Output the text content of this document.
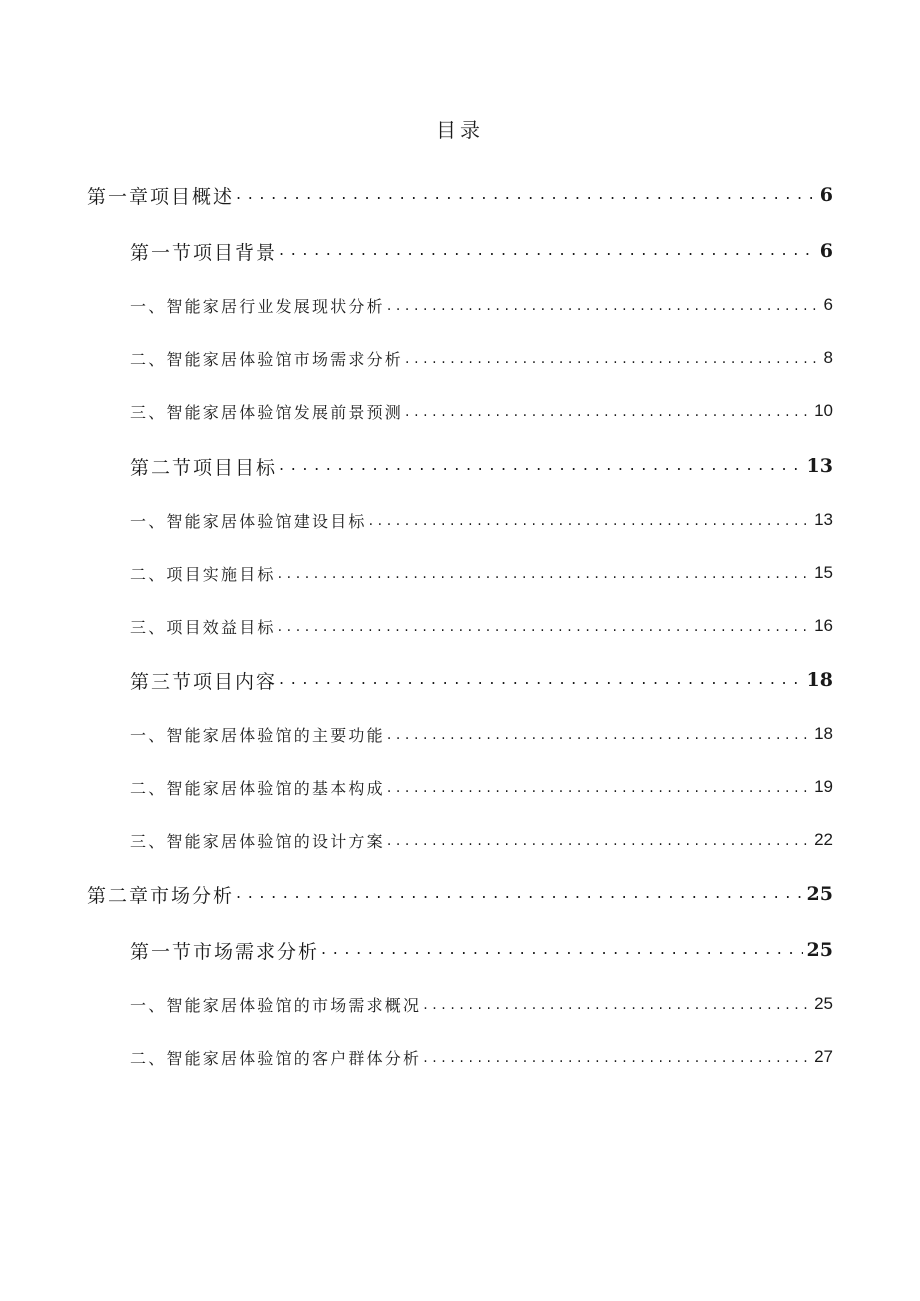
目录
第一章项目概述 .....	6
第一节项目背景 .....	6
一、智能家居行业发展现状分析 .....	6
二、智能家居体验馆市场需求分析 .....	8
三、智能家居体验馆发展前景预测 .....	10
第二节项目目标 .....	13
一、智能家居体验馆建设目标 .....	13
二、项目实施目标 .....	15
三、项目效益目标 .....	16
第三节项目内容 .....	18
一、智能家居体验馆的主要功能 .....	18
二、智能家居体验馆的基本构成 .....	19
三、智能家居体验馆的设计方案 .....	22
第二章市场分析 .....	25
第一节市场需求分析 .....	25
一、智能家居体验馆的市场需求概况 .....	25
二、智能家居体验馆的客户群体分析 .....	27
